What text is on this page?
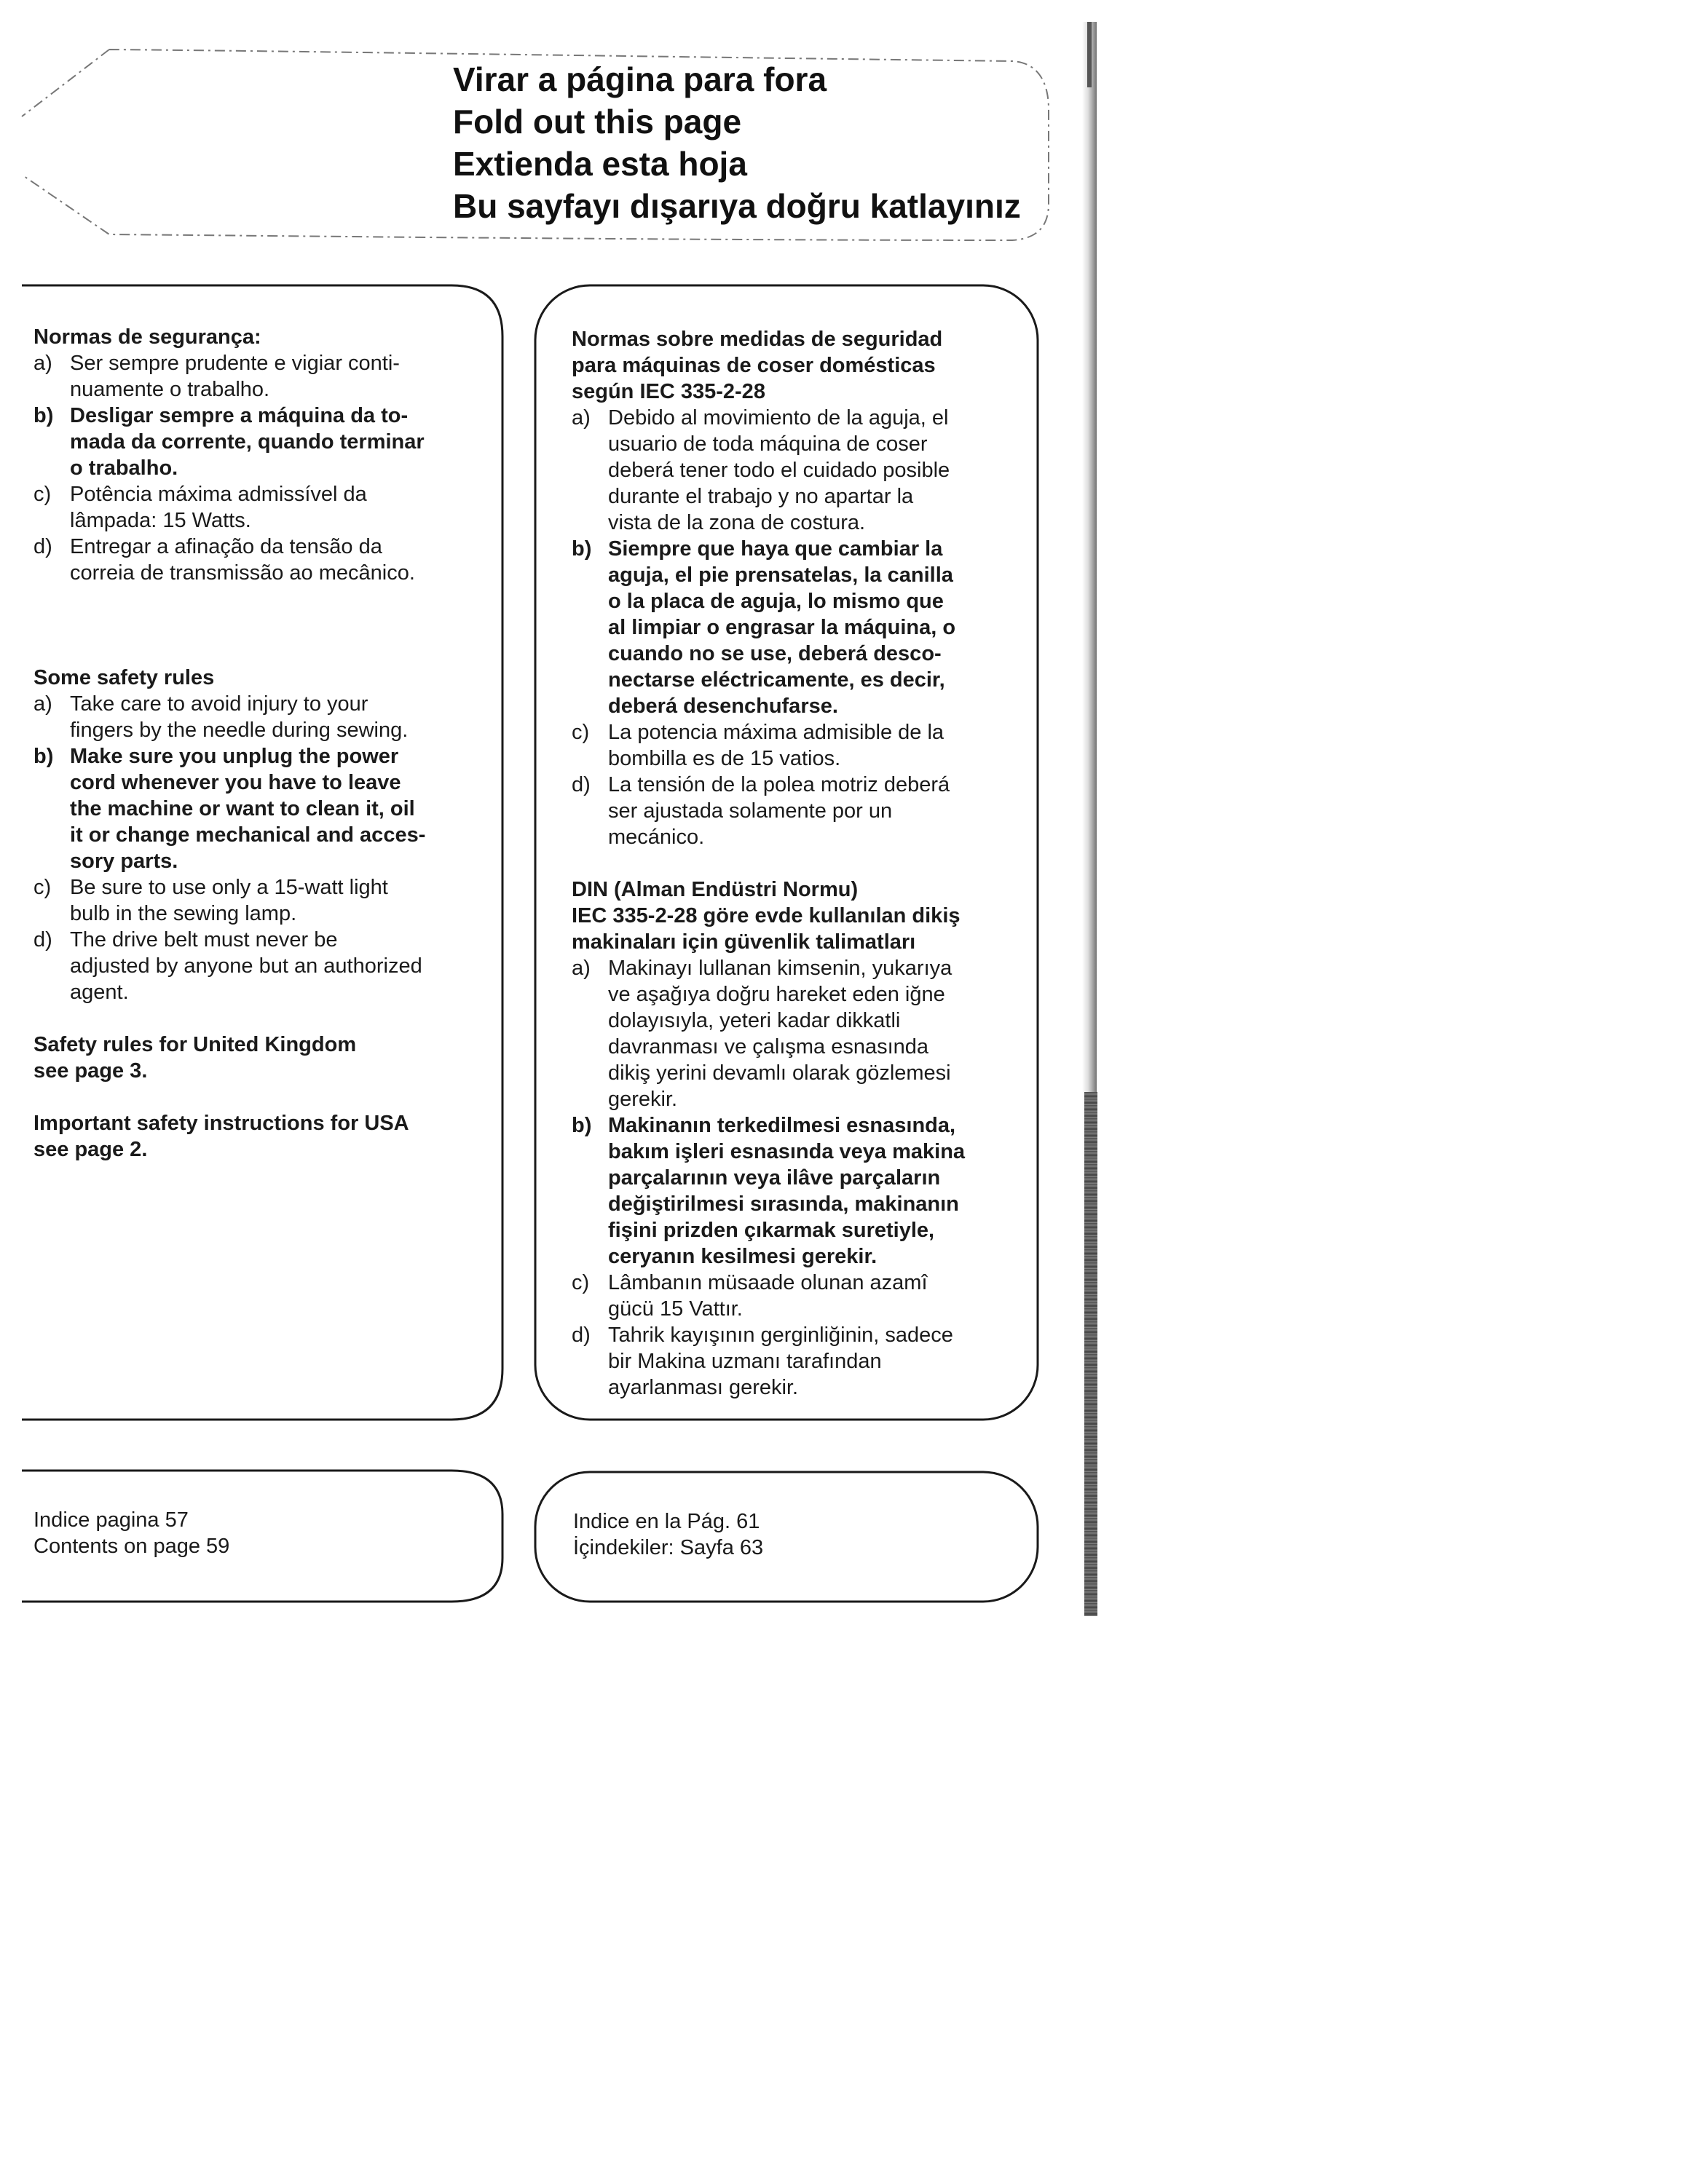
Virar a página para fora
Fold out this page
Extienda esta hoja
Bu sayfayı dışarıya doğru katlayınız
Normas de segurança:
a) Ser sempre prudente e vigiar conti-
nuamente o trabalho.
b) Desligar sempre a máquina da to-
mada da corrente, quando terminar
o trabalho.
c) Potência máxima admissível da
lâmpada: 15 Watts.
d) Entregar a afinação da tensão da
correia de transmissão ao mecânico.
Some safety rules
a) Take care to avoid injury to your
fingers by the needle during sewing.
b) Make sure you unplug the power
cord whenever you have to leave
the machine or want to clean it, oil
it or change mechanical and acces-
sory parts.
c) Be sure to use only a 15-watt light
bulb in the sewing lamp.
d) The drive belt must never be
adjusted by anyone but an authorized
agent.
Safety rules for United Kingdom
see page 3.
Important safety instructions for USA
see page 2.
Normas sobre medidas de seguridad
para máquinas de coser domésticas
según IEC 335-2-28
a) Debido al movimiento de la aguja, el
usuario de toda máquina de coser
deberá tener todo el cuidado posible
durante el trabajo y no apartar la
vista de la zona de costura.
b) Siempre que haya que cambiar la
aguja, el pie prensatelas, la canilla
o la placa de aguja, lo mismo que
al limpiar o engrasar la máquina, o
cuando no se use, deberá desco-
nectarse eléctricamente, es decir,
deberá desenchufarse.
c) La potencia máxima admisible de la
bombilla es de 15 vatios.
d) La tensión de la polea motriz deberá
ser ajustada solamente por un
mecánico.
DIN (Alman Endüstri Normu)
IEC 335-2-28 göre evde kullanılan dikiş
makinaları için güvenlik talimatları
a) Makinayı lullanan kimsenin, yukarıya
ve aşağıya doğru hareket eden iğne
dolayısıyla, yeteri kadar dikkatli
davranması ve çalışma esnasında
dikiş yerini devamlı olarak gözlemesi
gerekir.
b) Makinanın terkedilmesi esnasında,
bakım işleri esnasında veya makina
parçalarının veya ilâve parçaların
değiştirilmesi sırasında, makinanın
fişini prizden çıkarmak suretiyle,
ceryanın kesilmesi gerekir.
c) Lâmbanın müsaade olunan azamî
gücü 15 Vattır.
d) Tahrik kayışının gerginliğinin, sadece
bir Makina uzmanı tarafından
ayarlanması gerekir.
Indice pagina 57
Contents on page 59
Indice en la Pág. 61
İçindekiler: Sayfa 63
